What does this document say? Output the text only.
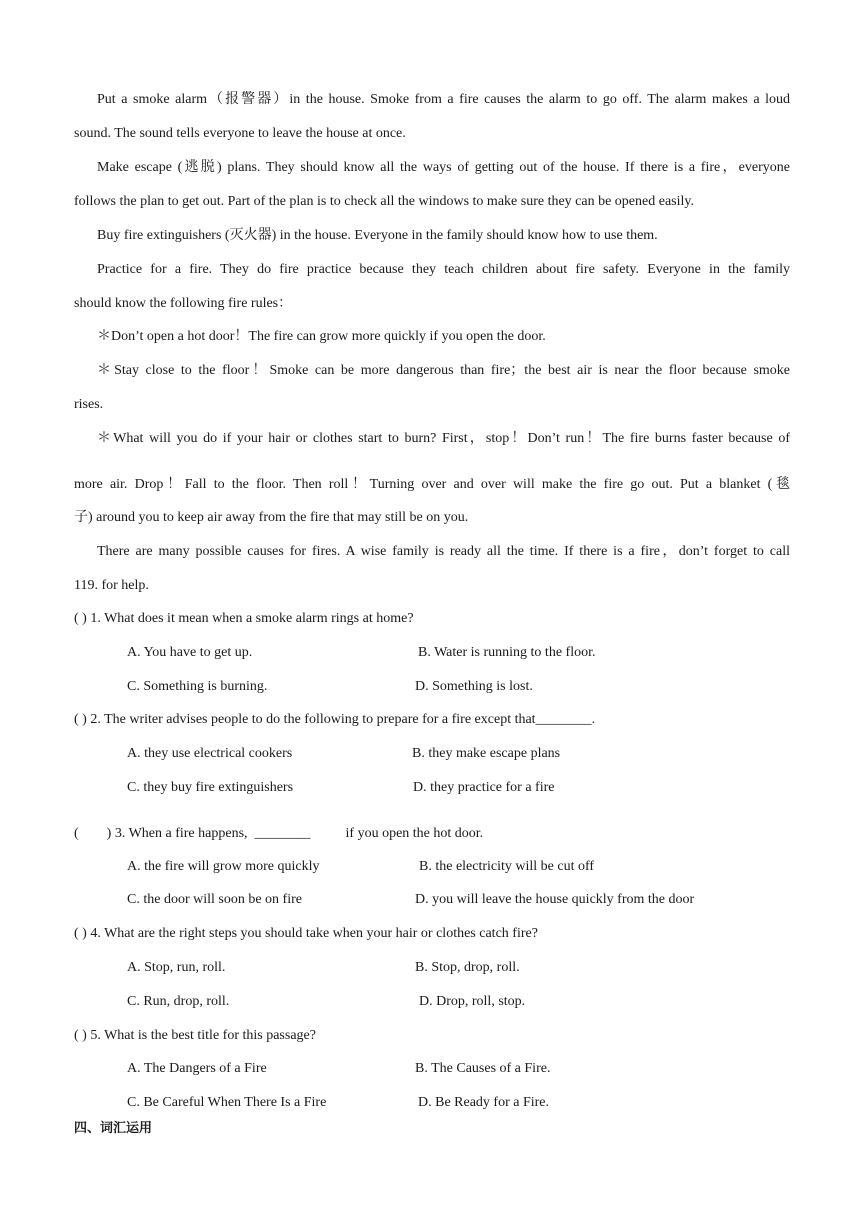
Put a smoke alarm（报警器）in the house. Smoke from a fire causes the alarm to go off. The alarm makes a loud
sound. The sound tells everyone to leave the house at once.
Make escape (逃脱) plans. They should know all the ways of getting out of the house. If there is a fire，everyone
follows the plan to get out. Part of the plan is to check all the windows to make sure they can be opened easily.
Buy fire extinguishers (灭火器) in the house. Everyone in the family should know how to use them.
Practice for a fire. They do fire practice because they teach children about fire safety. Everyone in the family
should know the following fire rules：
＊Don’t open a hot door！The fire can grow more quickly if you open the door.
＊Stay close to the floor！Smoke can be more dangerous than fire；the best air is near the floor because smoke
rises.
＊What will you do if your hair or clothes start to burn? First，stop！Don’t run！The fire burns faster because of
more air. Drop！Fall to the floor. Then roll！Turning over and over will make the fire go out. Put a blanket (毯
子) around you to keep air away from the fire that may still be on you.
There are many possible causes for fires. A wise family is ready all the time. If there is a fire，don’t forget to call
119. for help.
( ) 1. What does it mean when a smoke alarm rings at home?
A. You have to get up.	B. Water is running to the floor.
C. Something is burning.	D. Something is lost.
( ) 2. The writer advises people to do the following to prepare for a fire except that________.
A. they use electrical cookers	B. they make escape plans
C. they buy fire extinguishers	D. they practice for a fire
(        ) 3. When a fire happens,  ________          if you open the hot door.
A. the fire will grow more quickly	B. the electricity will be cut off
C. the door will soon be on fire	D. you will leave the house quickly from the door
( ) 4. What are the right steps you should take when your hair or clothes catch fire?
A. Stop, run, roll.	B. Stop, drop, roll.
C. Run, drop, roll.	D. Drop, roll, stop.
( ) 5. What is the best title for this passage?
A. The Dangers of a Fire	B. The Causes of a Fire.
C. Be Careful When There Is a Fire	D. Be Ready for a Fire.
四、词汇运用
